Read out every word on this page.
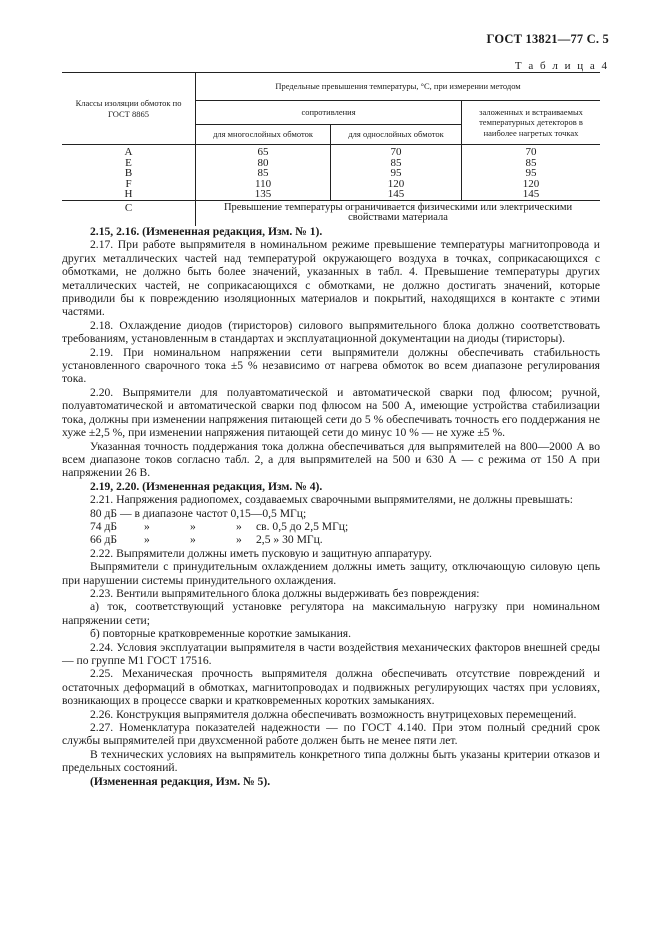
ГОСТ 13821—77 С. 5
Т а б л и ц а 4
Классы изоляции обмоток по ГОСТ 8865	Предельные превышения температуры, °С, при измерении методом		
	сопротивления		заложенных и встраиваемых температурных детекторов в наиболее нагретых точках
	для многослойных обмоток	для однослойных обмоток	
A	65	70	70
E	80	85	85
B	85	95	95
F	110	120	120
H	135	145	145
C	Превышение температуры ограничивается физическими или электрическими свойствами материала		

2.15, 2.16. (Измененная редакция, Изм. № 1).

2.17. При работе выпрямителя в номинальном режиме превышение температуры магнитопровода и других металлических частей над температурой окружающего воздуха в точках, соприкасающихся с обмотками, не должно быть более значений, указанных в табл. 4. Превышение температуры других металлических частей, не соприкасающихся с обмотками, не должно достигать значений, которые приводили бы к повреждению изоляционных материалов и покрытий, находящихся в контакте с этими частями.

2.18. Охлаждение диодов (тиристоров) силового выпрямительного блока должно соответствовать требованиям, установленным в стандартах и эксплуатационной документации на диоды (тиристоры).

2.19. При номинальном напряжении сети выпрямители должны обеспечивать стабильность установленного сварочного тока ±5 % независимо от нагрева обмоток во всем диапазоне регулирования тока.

2.20. Выпрямители для полуавтоматической и автоматической сварки под флюсом; ручной, полуавтоматической и автоматической сварки под флюсом на 500 А, имеющие устройства стабилизации тока, должны при изменении напряжения питающей сети до 5 % обеспечивать точность его поддержания не хуже ±2,5 %, при изменении напряжения питающей сети до минус 10 % — не хуже ±5 %.

Указанная точность поддержания тока должна обеспечиваться для выпрямителей на 800—2000 А во всем диапазоне токов согласно табл. 2, а для выпрямителей на 500 и 630 А — с режима от 150 А при напряжении 26 В.

2.19, 2.20. (Измененная редакция, Изм. № 4).

2.21. Напряжения радиопомех, создаваемых сварочными выпрямителями, не должны превышать:

80 дБ — в диапазоне частот 0,15—0,5 МГц;

74 дБ »	»	» св. 0,5 до 2,5 МГц;

66 дБ »	»	» 2,5 » 30 МГц.

2.22. Выпрямители должны иметь пусковую и защитную аппаратуру.

Выпрямители с принудительным охлаждением должны иметь защиту, отключающую силовую цепь при нарушении системы принудительного охлаждения.

2.23. Вентили выпрямительного блока должны выдерживать без повреждения:

а) ток, соответствующий установке регулятора на максимальную нагрузку при номинальном напряжении сети;

б) повторные кратковременные короткие замыкания.

2.24. Условия эксплуатации выпрямителя в части воздействия механических факторов внешней среды — по группе М1 ГОСТ 17516.

2.25. Механическая прочность выпрямителя должна обеспечивать отсутствие повреждений и остаточных деформаций в обмотках, магнитопроводах и подвижных регулирующих частях при условиях, возникающих в процессе сварки и кратковременных коротких замыканиях.

2.26. Конструкция выпрямителя должна обеспечивать возможность внутрицеховых перемещений.

2.27. Номенклатура показателей надежности — по ГОСТ 4.140. При этом полный средний срок службы выпрямителей при двухсменной работе должен быть не менее пяти лет.

В технических условиях на выпрямитель конкретного типа должны быть указаны критерии отказов и предельных состояний.

(Измененная редакция, Изм. № 5).
